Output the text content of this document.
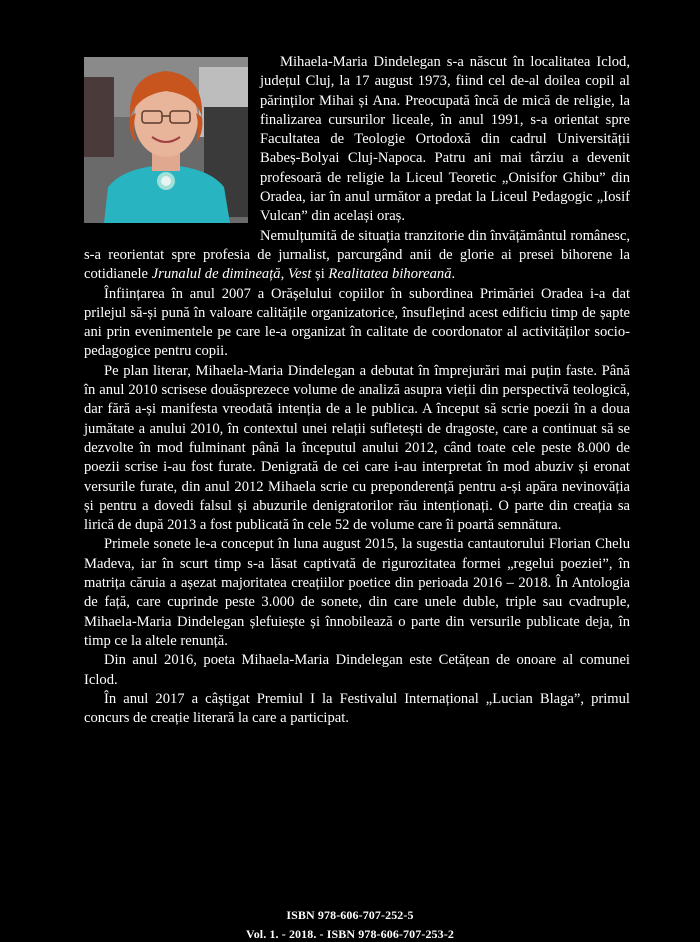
Mihaela-Maria Dindelegan s-a născut în localitatea Iclod, județul Cluj, la 17 august 1973, fiind cel de-al doilea copil al părinților Mihai și Ana. Preocupată încă de mică de religie, la finalizarea cursurilor liceale, în anul 1991, s-a orientat spre Facultatea de Teologie Ortodoxă din cadrul Universității Babeș-Bolyai Cluj-Napoca. Patru ani mai târziu a devenit profesoară de religie la Liceul Teoretic „Onisifor Ghibu” din Oradea, iar în anul următor a predat la Liceul Pedagogic „Iosif Vulcan” din același oraș.

Nemulțumită de situația tranzitorie din învățământul românesc, s-a reorientat spre profesia de jurnalist, parcurgând anii de glorie ai presei bihorene la cotidianele Jrunalul de dimineață, Vest și Realitatea bihoreană.

Înființarea în anul 2007 a Orășelului copiilor în subordinea Primăriei Oradea i-a dat prilejul să-și pună în valoare calitățile organizatorice, însuflețind acest edificiu timp de șapte ani prin evenimentele pe care le-a organizat în calitate de coordonator al activităților socio-pedagogice pentru copii.

Pe plan literar, Mihaela-Maria Dindelegan a debutat în împrejurări mai puțin faste. Până în anul 2010 scrisese douăsprezece volume de analiză asupra vieții din perspectivă teologică, dar fără a-și manifesta vreodată intenția de a le publica. A început să scrie poezii în a doua jumătate a anului 2010, în contextul unei relații sufletești de dragoste, care a continuat să se dezvolte în mod fulminant până la începutul anului 2012, când toate cele peste 8.000 de poezii scrise i-au fost furate. Denigrată de cei care i-au interpretat în mod abuziv și eronat versurile furate, din anul 2012 Mihaela scrie cu preponderență pentru a-și apăra nevinovăția și pentru a dovedi falsul și abuzurile denigratorilor rău intenționați. O parte din creația sa lirică de după 2013 a fost publicată în cele 52 de volume care îi poartă semnătura.

Primele sonete le-a conceput în luna august 2015, la sugestia cantautorului Florian Chelu Madeva, iar în scurt timp s-a lăsat captivată de rigurozitatea formei „regelui poeziei”, în matrița căruia a așezat majoritatea creațiilor poetice din perioada 2016 – 2018. În Antologia de față, care cuprinde peste 3.000 de sonete, din care unele duble, triple sau cvadruple, Mihaela-Maria Dindelegan șlefuiește și înnobilează o parte din versurile publicate deja, în timp ce la altele renunță.

Din anul 2016, poeta Mihaela-Maria Dindelegan este Cetățean de onoare al comunei Iclod.

În anul 2017 a câștigat Premiul I la Festivalul Internațional „Lucian Blaga”, primul concurs de creație literară la care a participat.

ISBN 978-606-707-252-5
Vol. 1. - 2018. - ISBN 978-606-707-253-2
